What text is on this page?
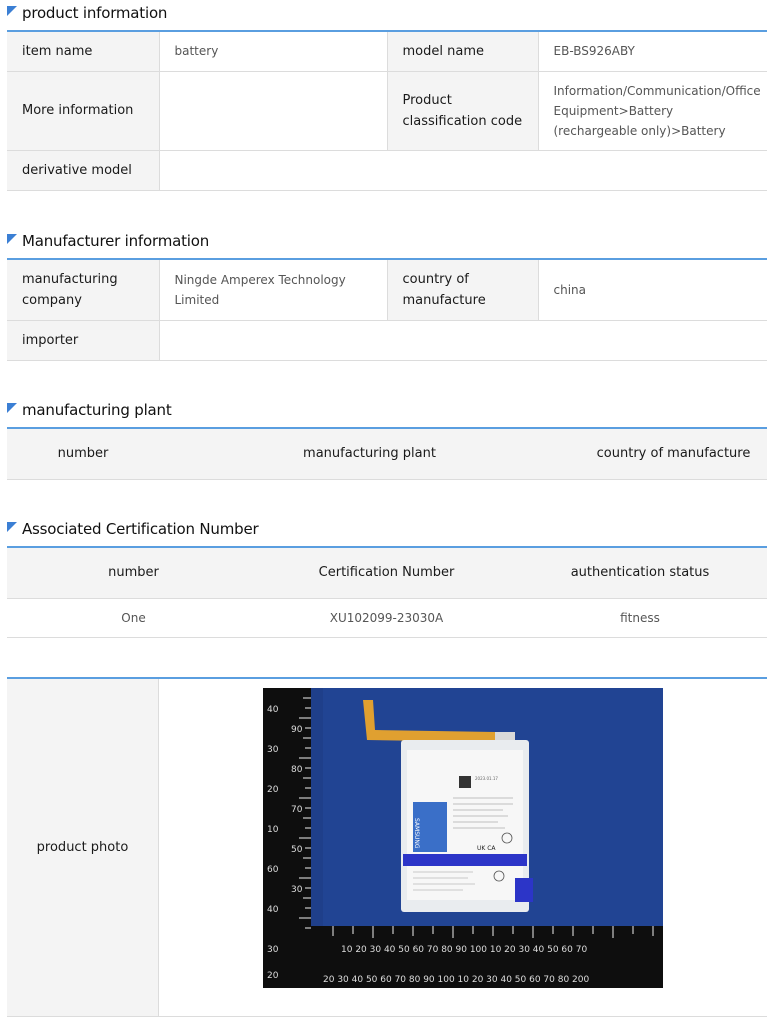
product information
item name	battery	model name	EB-BS926ABY
More information		Product classification code	Information/Communication/Office Equipment>Battery (rechargeable only)>Battery
derivative model			
Manufacturer information
manufacturing company	Ningde Amperex Technology Limited	country of manufacture	china
importer			
manufacturing plant
number	manufacturing plant	country of manufacture
Associated Certification Number
number	Certification Number	authentication status
One	XU102099-23030A	fitness
product photo
40
30
20
10
60
40
30
20
90
80
70
50
30
10 20 30 40 50 60 70 80 90 100 10 20 30 40 50 60 70
20 30 40 50 60 70 80 90 100 10 20 30 40 50 60 70 80 200
SAMSUNG
2023.01.17
UK CA
